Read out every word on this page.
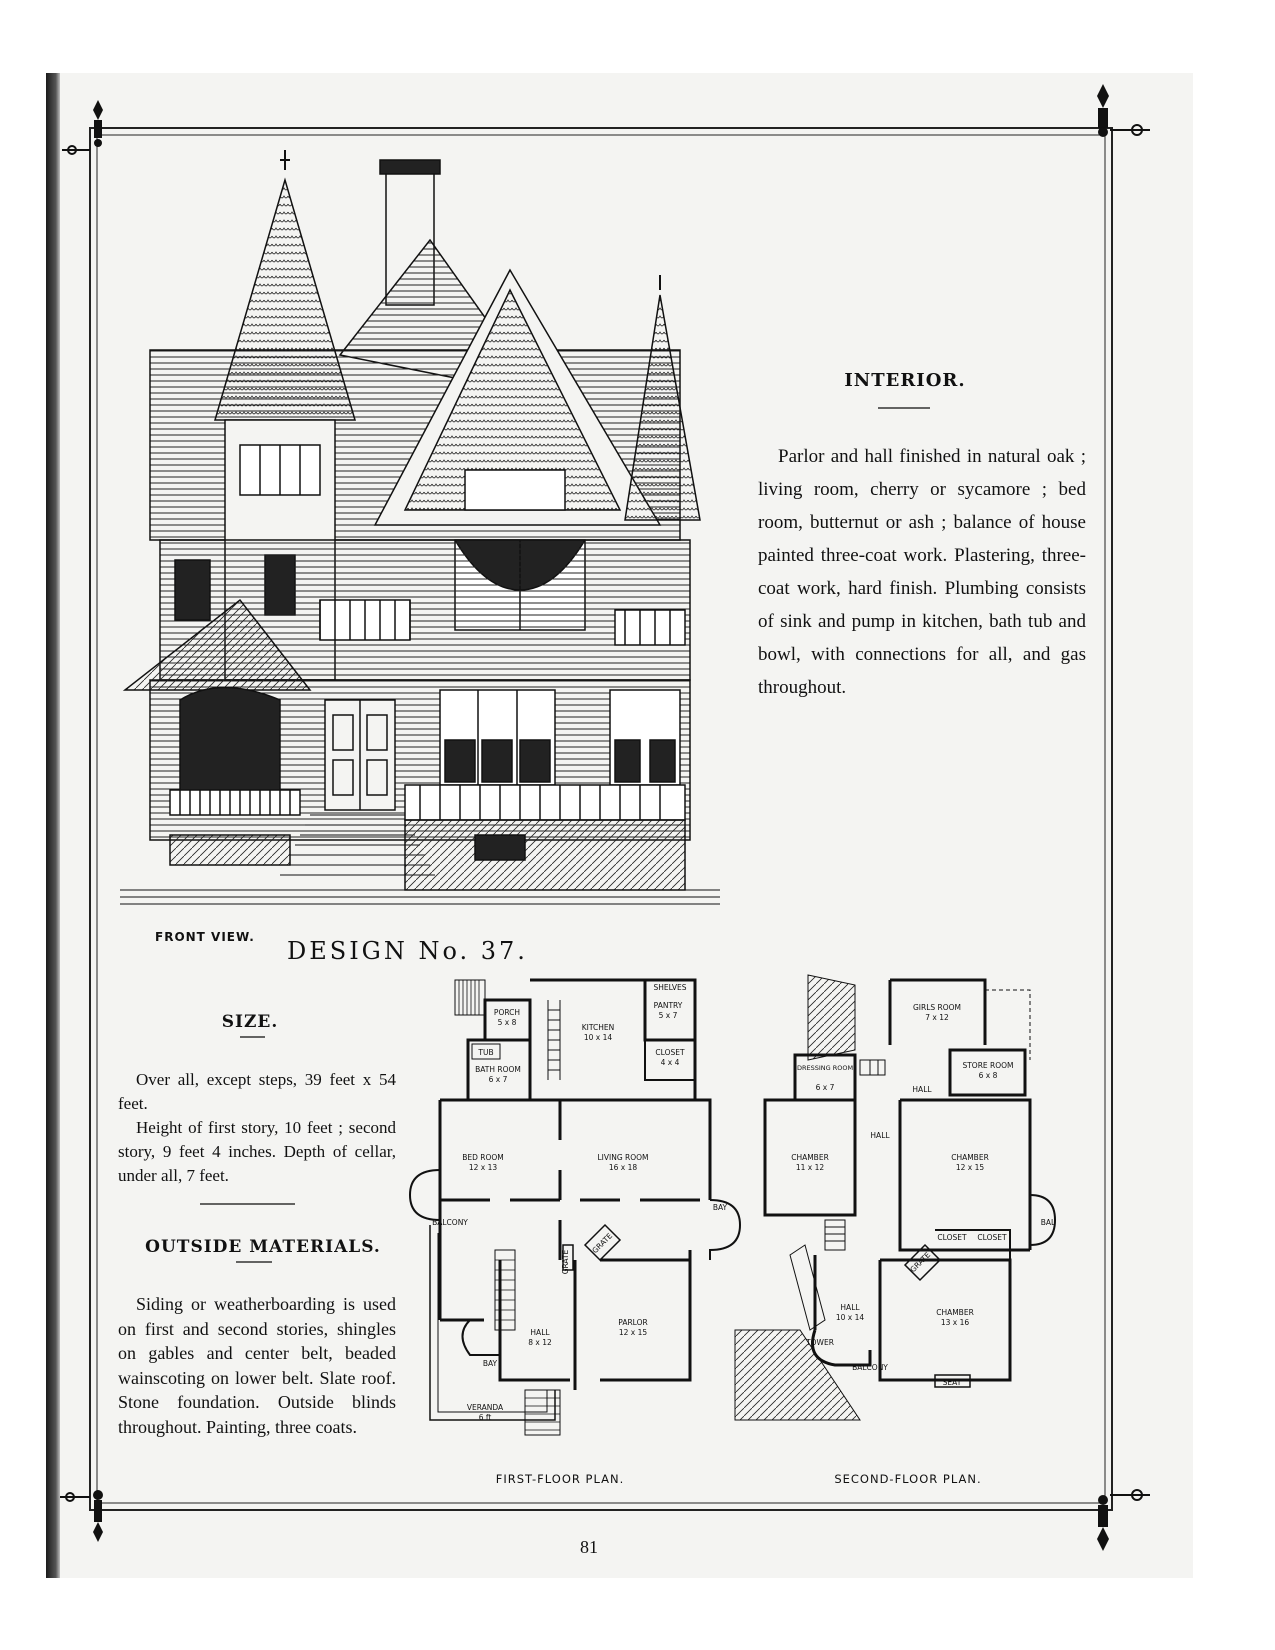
INTERIOR.

Parlor and hall finished in natural oak ; living room, cherry or sycamore ; bed room, butternut or ash ; balance of house painted three-coat work. Plastering, three-coat work, hard finish. Plumbing consists of sink and pump in kitchen, bath tub and bowl, with connections for all, and gas throughout.

FRONT VIEW. DESIGN No. 37.
SIZE.

Over all, except steps, 39 feet x 54 feet.

Height of first story, 10 feet ; second story, 9 feet 4 inches. Depth of cellar, under all, 7 feet.

OUTSIDE MATERIALS.

Siding or weatherboarding is used on first and second stories, shingles on gables and center belt, beaded wainscoting on lower belt. Slate roof. Stone foundation. Outside blinds throughout. Painting, three coats.

PORCH
5 x 8
SHELVES
PANTRY
5 x 7
KITCHEN
10 x 14
CLOSET
4 x 4
TUB
BATH ROOM
6 x 7
BED ROOM
12 x 13
LIVING ROOM
16 x 18
BAY
BALCONY
GRATE
GRATE
HALL
8 x 12
PARLOR
12 x 15
BAY
VERANDA
6 ft
GIRLS ROOM
7 x 12
DRESSING ROOM
6 x 7
STORE ROOM
6 x 8
HALL
HALL
CHAMBER
11 x 12
CHAMBER
12 x 15
CLOSET CLOSET
BAL
GRATE
HALL
10 x 14
CHAMBER
13 x 16
TOWER
BALCONY
SEAT
FIRST-FLOOR PLAN.	SECOND-FLOOR PLAN.
81
